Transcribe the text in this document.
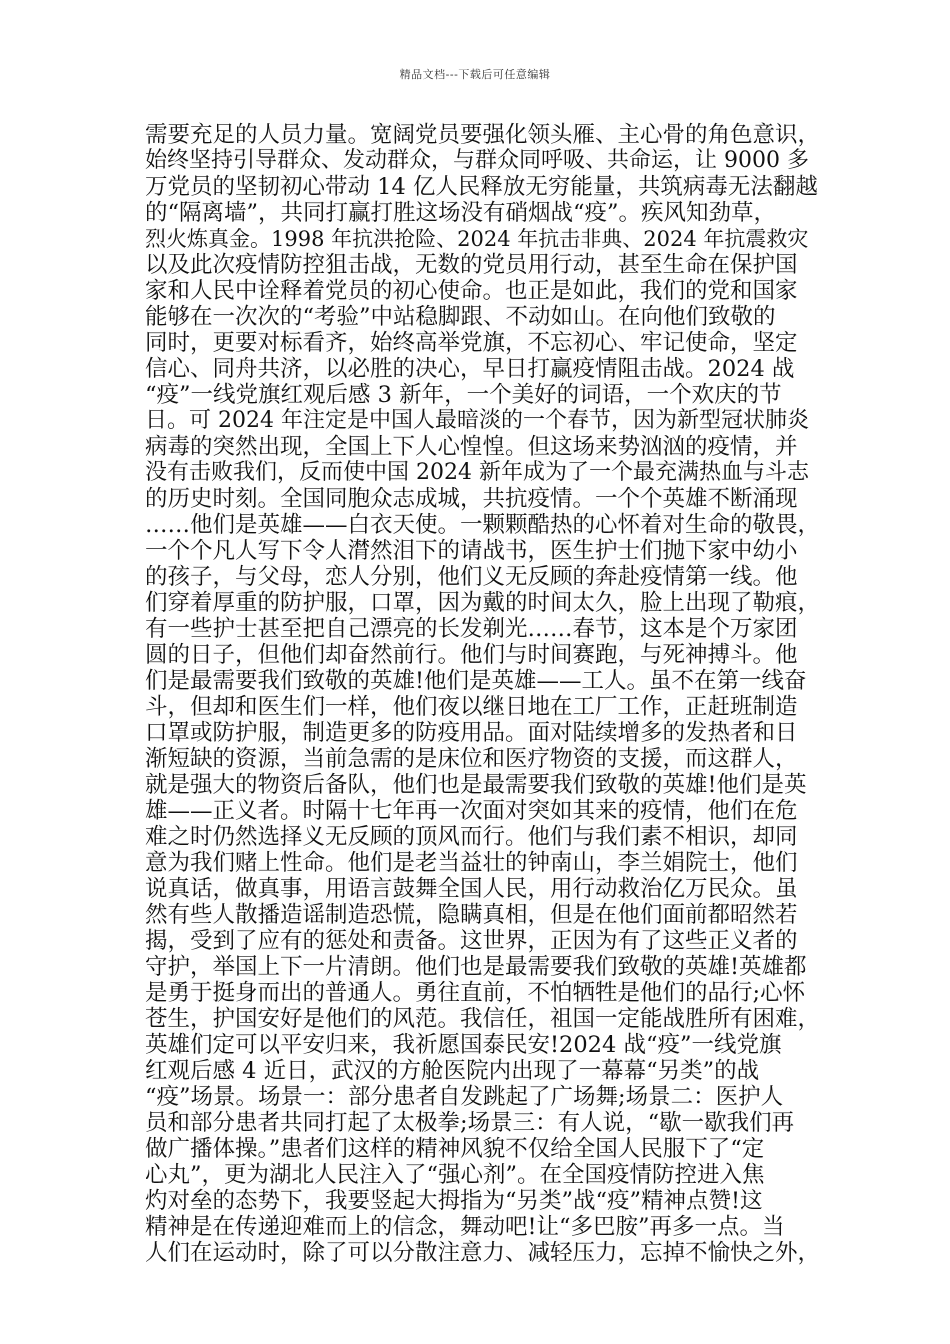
精品文档---下载后可任意编辑
需要充足的人员力量。宽阔党员要强化领头雁、主心骨的角色意识，
始终坚持引导群众、发动群众，与群众同呼吸、共命运，让 9000 多
万党员的坚韧初心带动 14 亿人民释放无穷能量，共筑病毒无法翻越
的“隔离墙”，共同打赢打胜这场没有硝烟战“疫”。疾风知劲草，
烈火炼真金。1998 年抗洪抢险、2024 年抗击非典、2024 年抗震救灾
以及此次疫情防控狙击战，无数的党员用行动，甚至生命在保护国
家和人民中诠释着党员的初心使命。也正是如此，我们的党和国家
能够在一次次的“考验”中站稳脚跟、不动如山。在向他们致敬的
同时，更要对标看齐，始终高举党旗，不忘初心、牢记使命，坚定
信心、同舟共济，以必胜的决心，早日打赢疫情阻击战。2024 战
“疫”一线党旗红观后感 3 新年，一个美好的词语，一个欢庆的节
日。可 2024 年注定是中国人最暗淡的一个春节，因为新型冠状肺炎
病毒的突然出现，全国上下人心惶惶。但这场来势汹汹的疫情，并
没有击败我们，反而使中国 2024 新年成为了一个最充满热血与斗志
的历史时刻。全国同胞众志成城，共抗疫情。一个个英雄不断涌现
……他们是英雄——白衣天使。一颗颗酷热的心怀着对生命的敬畏，
一个个凡人写下令人潸然泪下的请战书，医生护士们抛下家中幼小
的孩子，与父母，恋人分别，他们义无反顾的奔赴疫情第一线。他
们穿着厚重的防护服，口罩，因为戴的时间太久，脸上出现了勒痕，
有一些护士甚至把自己漂亮的长发剃光……春节，这本是个万家团
圆的日子，但他们却奋然前行。他们与时间赛跑，与死神搏斗。他
们是最需要我们致敬的英雄!他们是英雄——工人。虽不在第一线奋
斗，但却和医生们一样，他们夜以继日地在工厂工作，正赶班制造
口罩或防护服，制造更多的防疫用品。面对陆续增多的发热者和日
渐短缺的资源，当前急需的是床位和医疗物资的支援，而这群人，
就是强大的物资后备队，他们也是最需要我们致敬的英雄!他们是英
雄——正义者。时隔十七年再一次面对突如其来的疫情，他们在危
难之时仍然选择义无反顾的顶风而行。他们与我们素不相识，却同
意为我们赌上性命。他们是老当益壮的钟南山，李兰娟院士，他们
说真话，做真事，用语言鼓舞全国人民，用行动救治亿万民众。虽
然有些人散播造谣制造恐慌，隐瞒真相，但是在他们面前都昭然若
揭，受到了应有的惩处和责备。这世界，正因为有了这些正义者的
守护，举国上下一片清朗。他们也是最需要我们致敬的英雄!英雄都
是勇于挺身而出的普通人。勇往直前，不怕牺牲是他们的品行;心怀
苍生，护国安好是他们的风范。我信任，祖国一定能战胜所有困难，
英雄们定可以平安归来，我祈愿国泰民安!2024 战“疫”一线党旗
红观后感 4 近日，武汉的方舱医院内出现了一幕幕“另类”的战
“疫”场景。场景一：部分患者自发跳起了广场舞;场景二：医护人
员和部分患者共同打起了太极拳;场景三：有人说，“歇一歇我们再
做广播体操。”患者们这样的精神风貌不仅给全国人民服下了“定
心丸”，更为湖北人民注入了“强心剂”。在全国疫情防控进入焦
灼对垒的态势下，我要竖起大拇指为“另类”战“疫”精神点赞!这
精神是在传递迎难而上的信念，舞动吧!让“多巴胺”再多一点。当
人们在运动时，除了可以分散注意力、减轻压力，忘掉不愉快之外，
